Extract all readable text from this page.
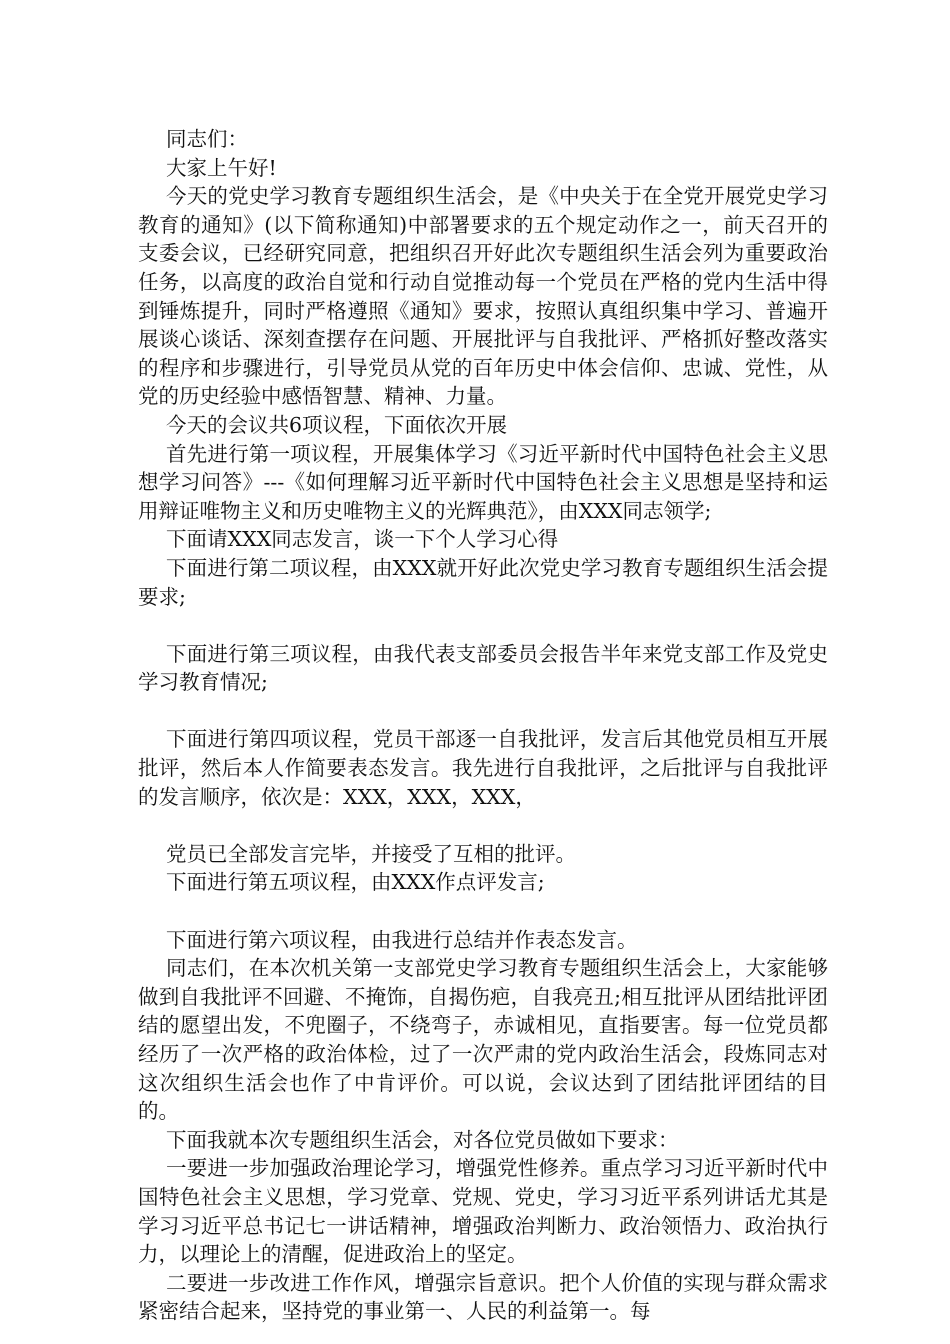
同志们：

大家上午好!

今天的党史学习教育专题组织生活会，是《中央关于在全党开展党史学习教育的通知》(以下简称通知)中部署要求的五个规定动作之一，前天召开的支委会议，已经研究同意，把组织召开好此次专题组织生活会列为重要政治任务，以高度的政治自觉和行动自觉推动每一个党员在严格的党内生活中得到锤炼提升，同时严格遵照《通知》要求，按照认真组织集中学习、普遍开展谈心谈话、深刻查摆存在问题、开展批评与自我批评、严格抓好整改落实的程序和步骤进行，引导党员从党的百年历史中体会信仰、忠诚、党性，从党的历史经验中感悟智慧、精神、力量。

今天的会议共6项议程，下面依次开展

首先进行第一项议程，开展集体学习《习近平新时代中国特色社会主义思想学习问答》---《如何理解习近平新时代中国特色社会主义思想是坚持和运用辩证唯物主义和历史唯物主义的光辉典范》，由XXX同志领学;

下面请XXX同志发言，谈一下个人学习心得

下面进行第二项议程，由XXX就开好此次党史学习教育专题组织生活会提要求;

下面进行第三项议程，由我代表支部委员会报告半年来党支部工作及党史学习教育情况;

下面进行第四项议程，党员干部逐一自我批评，发言后其他党员相互开展批评，然后本人作简要表态发言。我先进行自我批评，之后批评与自我批评的发言顺序，依次是：XXX，XXX，XXX，

党员已全部发言完毕，并接受了互相的批评。

下面进行第五项议程，由XXX作点评发言;

下面进行第六项议程，由我进行总结并作表态发言。

同志们，在本次机关第一支部党史学习教育专题组织生活会上，大家能够做到自我批评不回避、不掩饰，自揭伤疤，自我亮丑;相互批评从团结批评团结的愿望出发，不兜圈子，不绕弯子，赤诚相见，直指要害。每一位党员都经历了一次严格的政治体检，过了一次严肃的党内政治生活会，段炼同志对这次组织生活会也作了中肯评价。可以说，会议达到了团结批评团结的目的。

下面我就本次专题组织生活会，对各位党员做如下要求：

一要进一步加强政治理论学习，增强党性修养。重点学习习近平新时代中国特色社会主义思想，学习党章、党规、党史，学习习近平系列讲话尤其是学习习近平总书记七一讲话精神，增强政治判断力、政治领悟力、政治执行力，以理论上的清醒，促进政治上的坚定。

二要进一步改进工作作风，增强宗旨意识。把个人价值的实现与群众需求紧密结合起来，坚持党的事业第一、人民的利益第一。每
